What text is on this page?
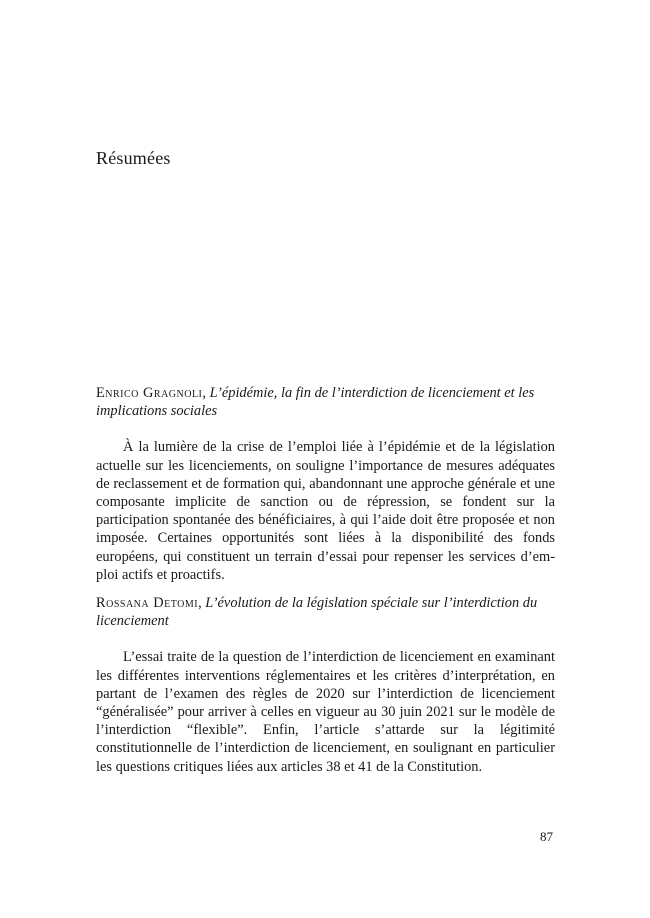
Résumées

Enrico Gragnoli, L’épidémie, la fin de l’interdiction de licenciement et les implications sociales

À la lumière de la crise de l’emploi liée à l’épidémie et de la législation actuelle sur les licenciements, on souligne l’importance de mesures adéquates de reclassement et de formation qui, abandonnant une approche générale et une composante implicite de sanction ou de répression, se fondent sur la participation spontanée des bénéficiaires, à qui l’aide doit être proposée et non imposée. Certaines opportunités sont liées à la disponibilité des fonds européens, qui constituent un terrain d’essai pour repenser les services d’emploi actifs et proactifs.

Rossana Detomi, L’évolution de la législation spéciale sur l’interdiction du licenciement

L’essai traite de la question de l’interdiction de licenciement en examinant les différentes interventions réglementaires et les critères d’interprétation, en partant de l’examen des règles de 2020 sur l’interdiction de licenciement “généralisée” pour arriver à celles en vigueur au 30 juin 2021 sur le modèle de l’interdiction “flexible”. Enfin, l’article s’attarde sur la légitimité constitutionnelle de l’interdiction de licenciement, en soulignant en particulier les questions critiques liées aux articles 38 et 41 de la Constitution.

87
